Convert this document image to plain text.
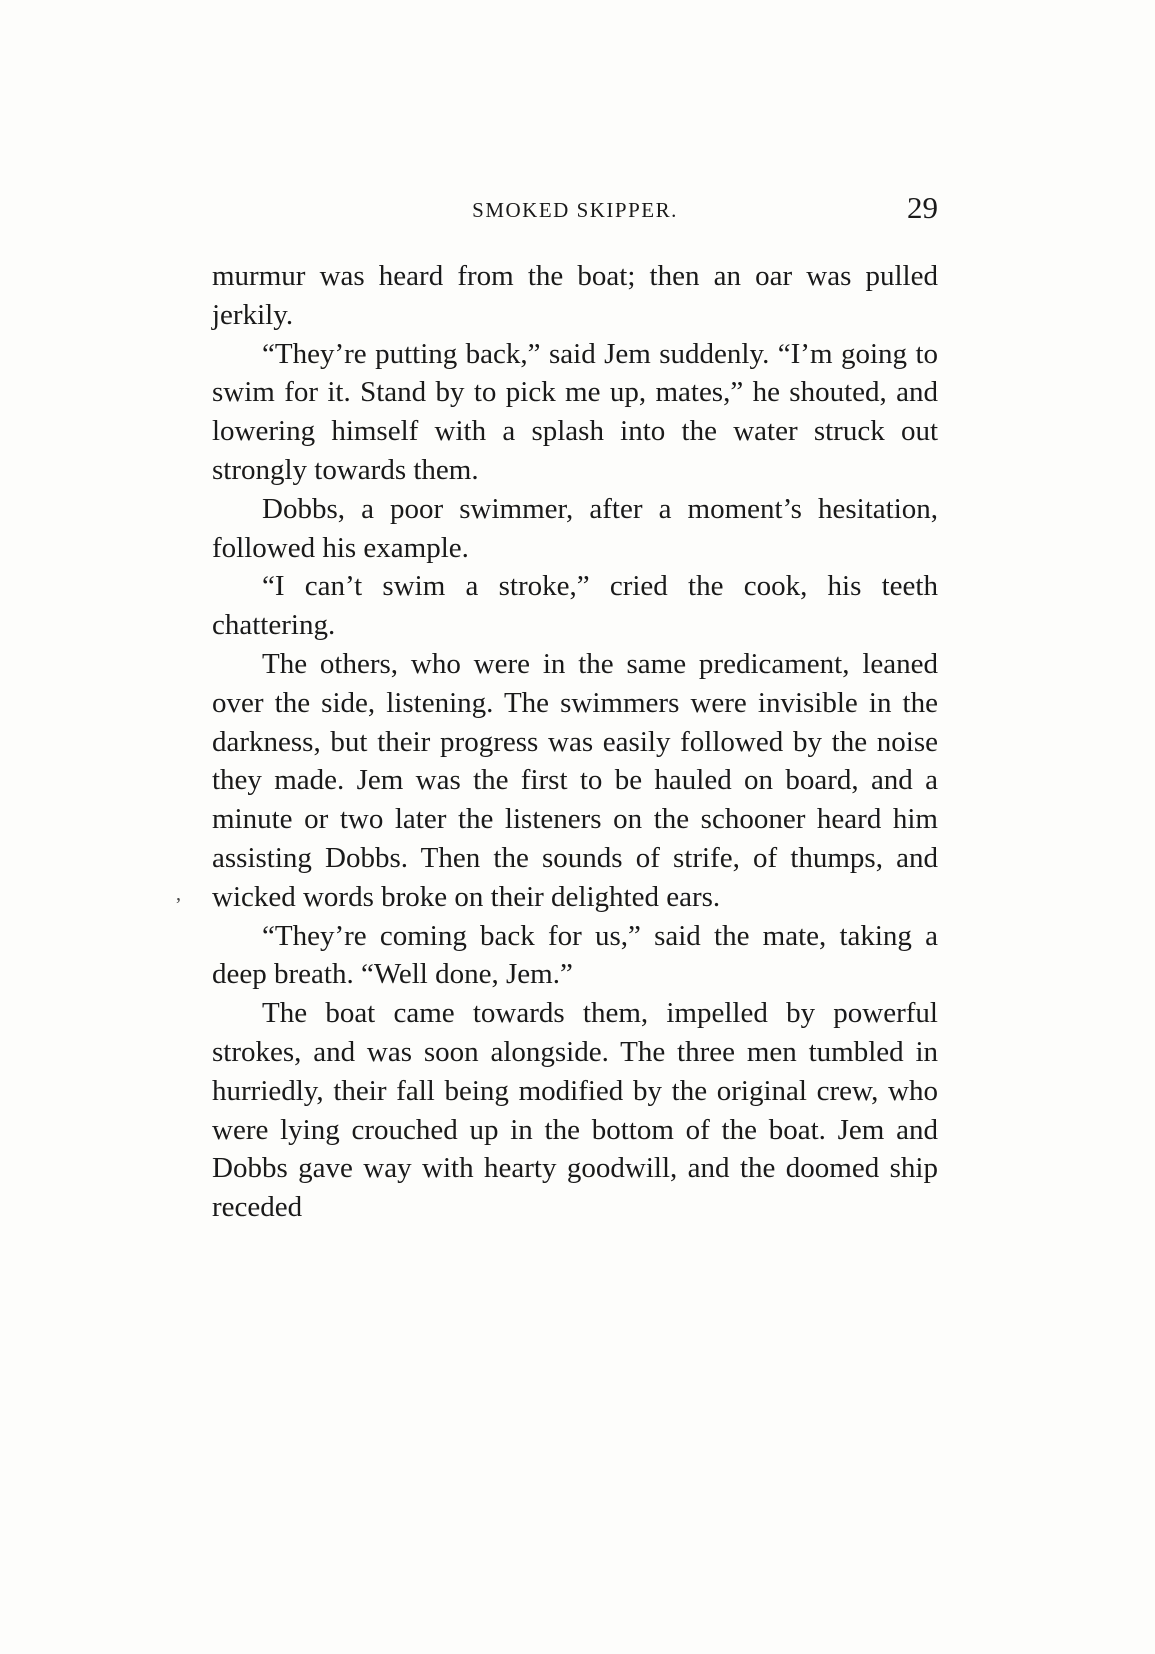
SMOKED SKIPPER.	29
’

murmur was heard from the boat; then an oar was pulled jerkily.

“They’re putting back,” said Jem suddenly. “I’m going to swim for it. Stand by to pick me up, mates,” he shouted, and lowering himself with a splash into the water struck out strongly towards them.

Dobbs, a poor swimmer, after a moment’s hesitation, followed his example.

“I can’t swim a stroke,” cried the cook, his teeth chattering.

The others, who were in the same predicament, leaned over the side, listening. The swimmers were invisible in the darkness, but their progress was easily followed by the noise they made. Jem was the first to be hauled on board, and a minute or two later the listeners on the schooner heard him assisting Dobbs. Then the sounds of strife, of thumps, and wicked words broke on their delighted ears.

“They’re coming back for us,” said the mate, taking a deep breath. “Well done, Jem.”

The boat came towards them, impelled by powerful strokes, and was soon alongside. The three men tumbled in hurriedly, their fall being modified by the original crew, who were lying crouched up in the bottom of the boat. Jem and Dobbs gave way with hearty goodwill, and the doomed ship receded
